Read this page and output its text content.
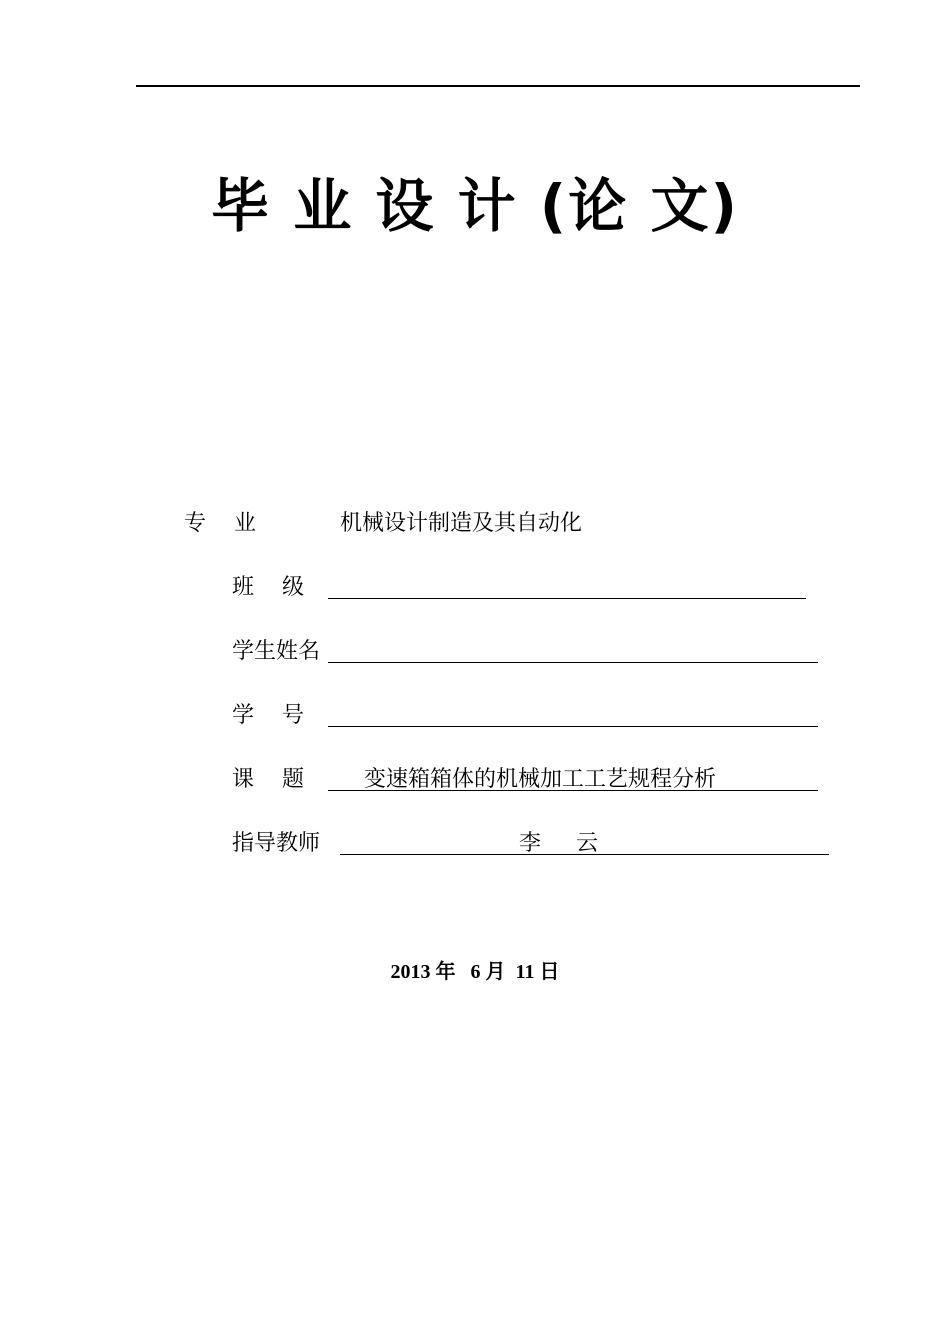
毕 业 设 计 (论 文)

专    业

	机械设计制造及其自动化

班    级

学生姓名

学    号

课    题

	变速箱箱体的机械加工工艺规程分析

指导教师

	李     云

2013 年   6 月  11 日
